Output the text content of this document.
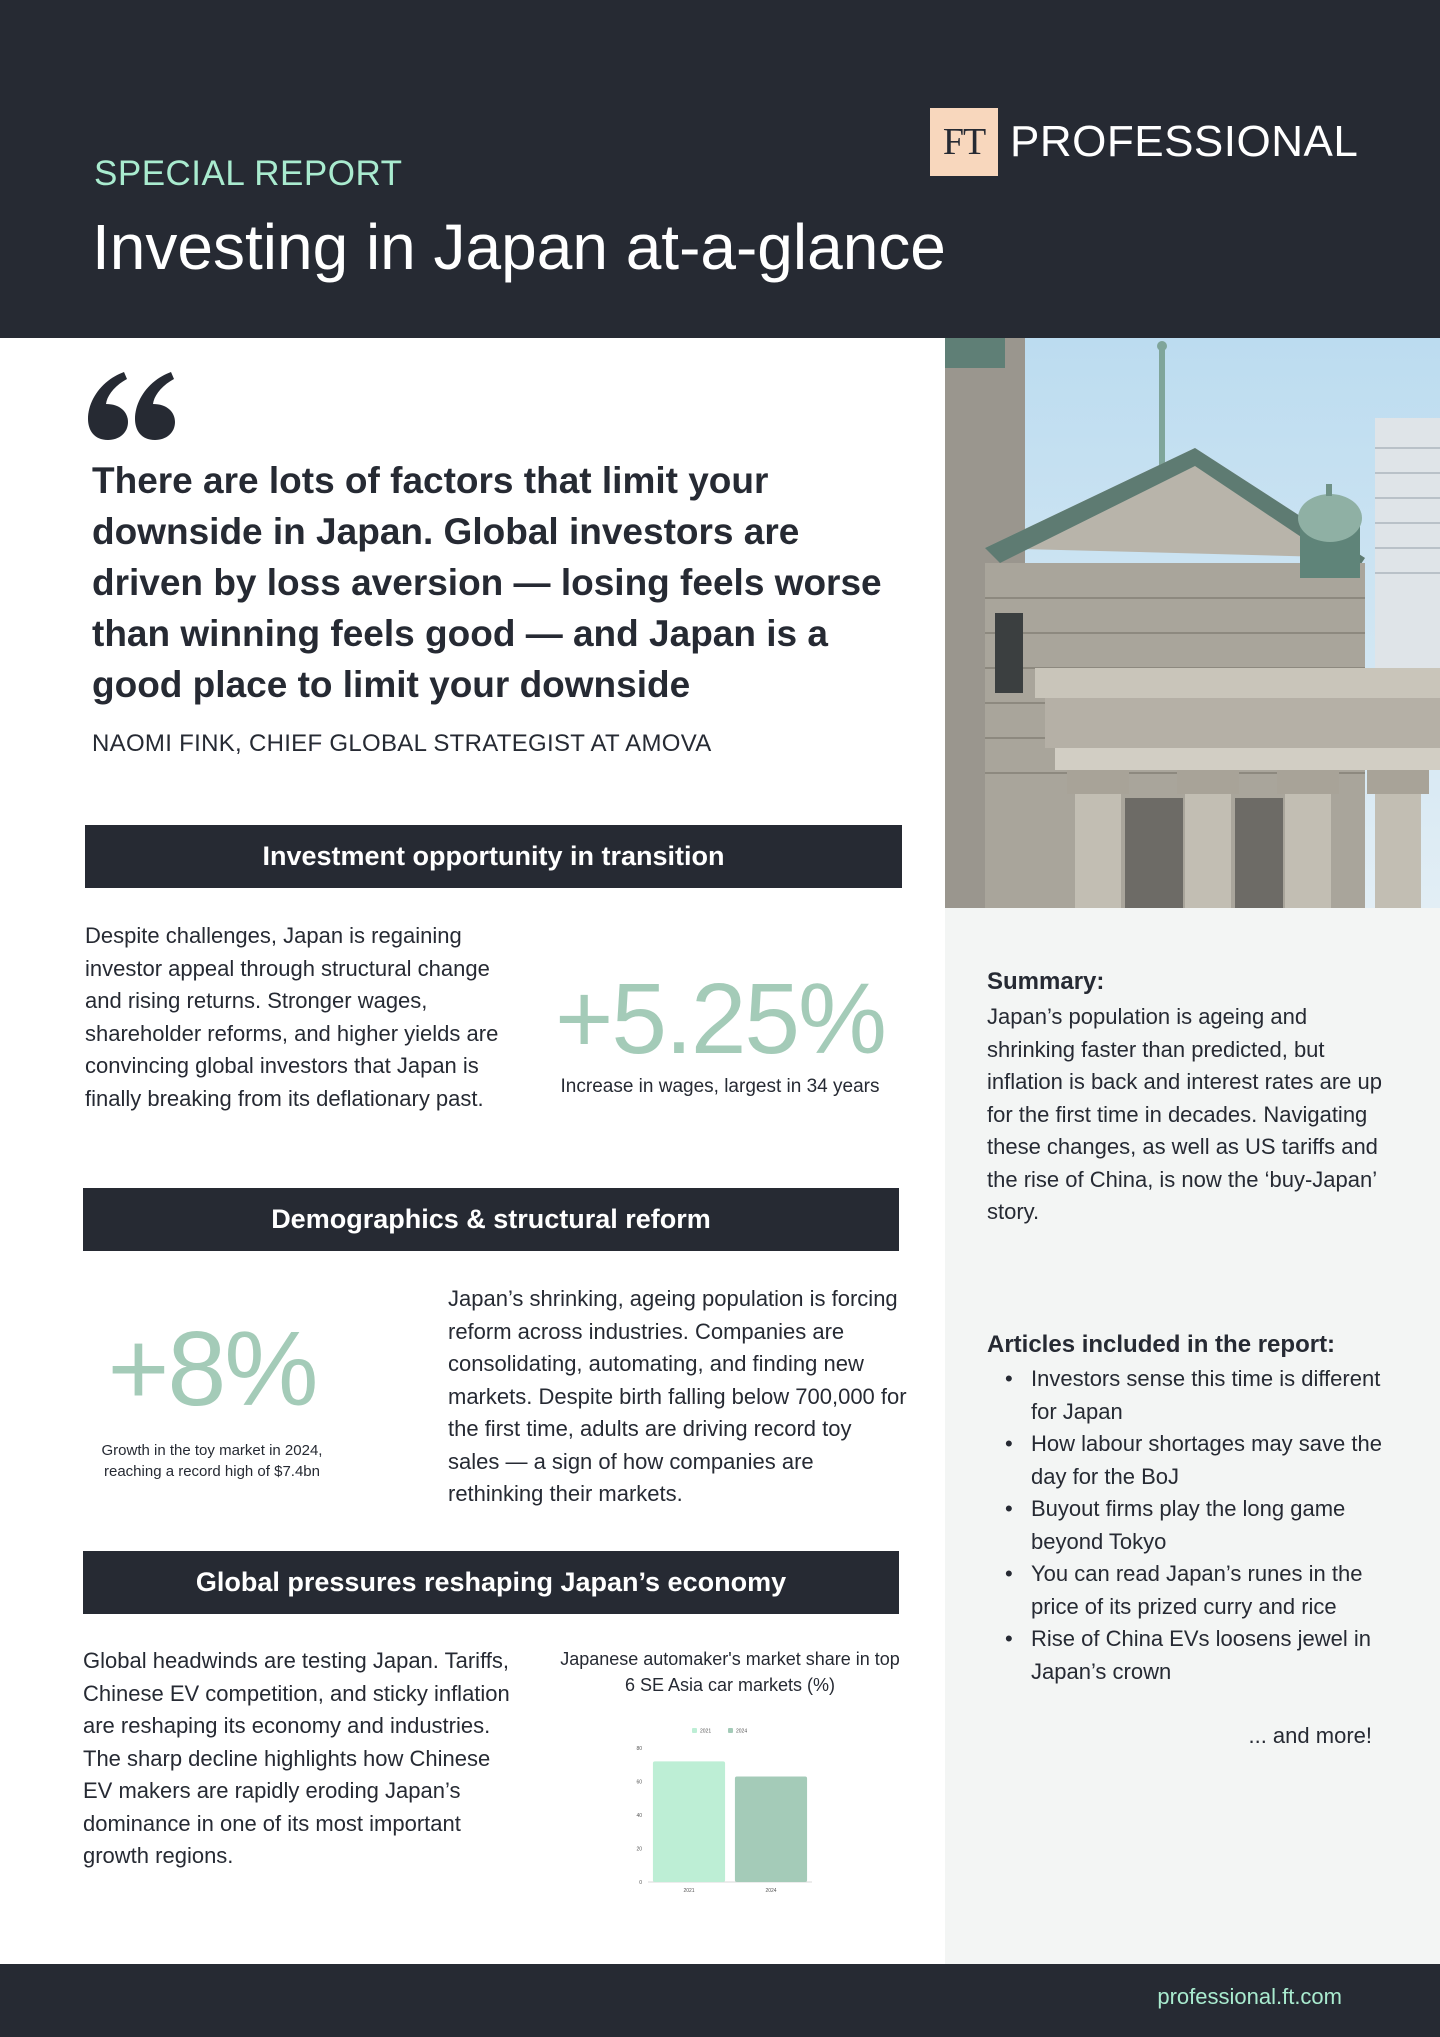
SPECIAL REPORT
Investing in Japan at-a-glance
FT PROFESSIONAL
There are lots of factors that limit your downside in Japan. Global investors are driven by loss aversion — losing feels worse than winning feels good — and Japan is a good place to limit your downside
NAOMI FINK, CHIEF GLOBAL STRATEGIST AT AMOVA
Investment opportunity in transition
Despite challenges, Japan is regaining investor appeal through structural change and rising returns. Stronger wages, shareholder reforms, and higher yields are convincing global investors that Japan is finally breaking from its deflationary past.
+5.25%
Increase in wages, largest in 34 years
Demographics & structural reform
+8%
Growth in the toy market in 2024, reaching a record high of $7.4bn
Japan’s shrinking, ageing population is forcing reform across industries. Companies are consolidating, automating, and finding new markets. Despite birth falling below 700,000 for the first time, adults are driving record toy sales — a sign of how companies are rethinking their markets.
Global pressures reshaping Japan’s economy
Global headwinds are testing Japan. Tariffs, Chinese EV competition, and sticky inflation are reshaping its economy and industries. The sharp decline highlights how Chinese EV makers are rapidly eroding Japan’s dominance in one of its most important growth regions.
Japanese automaker's market share in top 6 SE Asia car markets (%)
0
20
40
60
80
2021	2024
2021	2024
Summary:
Japan’s population is ageing and shrinking faster than predicted, but inflation is back and interest rates are up for the first time in decades. Navigating these changes, as well as US tariffs and the rise of China, is now the ‘buy-Japan’ story.
Articles included in the report:
• Investors sense this time is different for Japan
• How labour shortages may save the day for the BoJ
• Buyout firms play the long game beyond Tokyo
• You can read Japan’s runes in the price of its prized curry and rice
• Rise of China EVs loosens jewel in Japan’s crown
... and more!
professional.ft.com
